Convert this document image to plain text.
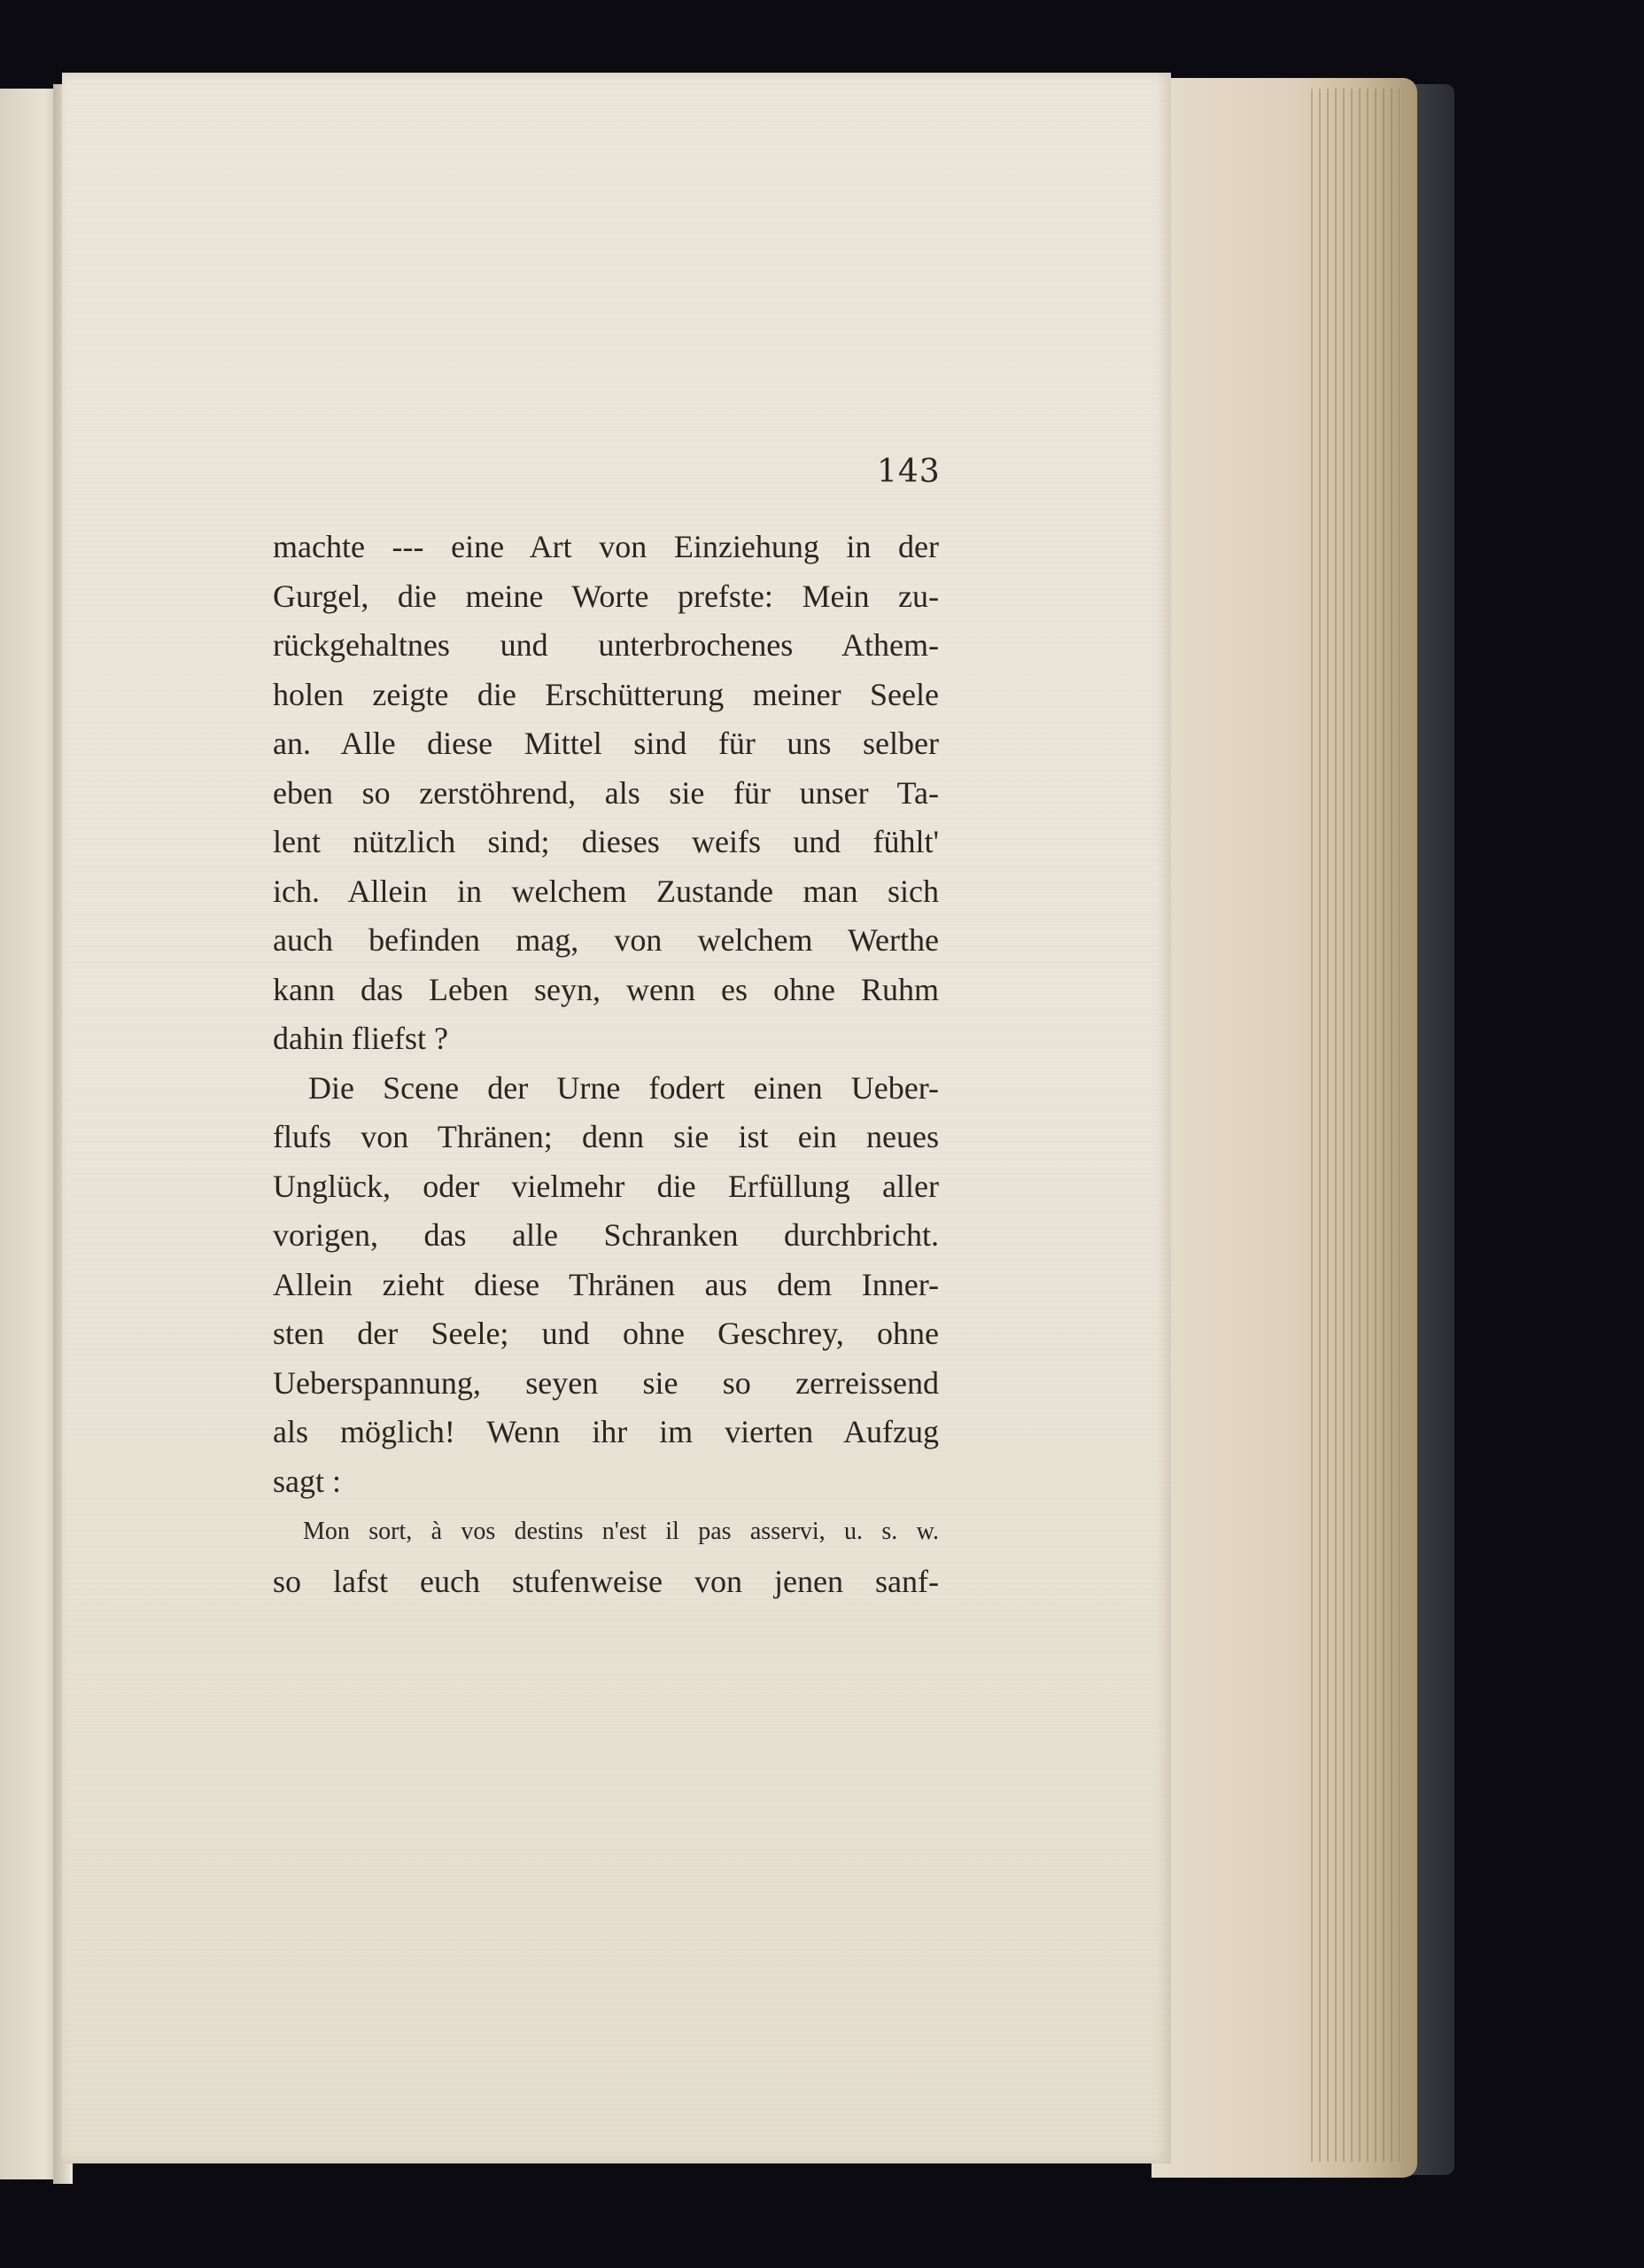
143
machte --- eine Art von Einziehung in der
Gurgel, die meine Worte prefste: Mein zu-
rückgehaltnes und unterbrochenes Athem-
holen zeigte die Erschütterung meiner Seele
an. Alle diese Mittel sind für uns selber
eben so zerstöhrend, als sie für unser Ta-
lent nützlich sind; dieses weifs und fühlt'
ich. Allein in welchem Zustande man sich
auch befinden mag, von welchem Werthe
kann das Leben seyn, wenn es ohne Ruhm
dahin fliefst ?
Die Scene der Urne fodert einen Ueber-
flufs von Thränen; denn sie ist ein neues
Unglück, oder vielmehr die Erfüllung aller
vorigen, das alle Schranken durchbricht.
Allein zieht diese Thränen aus dem Inner-
sten der Seele; und ohne Geschrey, ohne
Ueberspannung, seyen sie so zerreissend
als möglich! Wenn ihr im vierten Aufzug
sagt :
Mon sort, à vos destins n'est il pas asservi, u. s. w.
so lafst euch stufenweise von jenen sanf-
